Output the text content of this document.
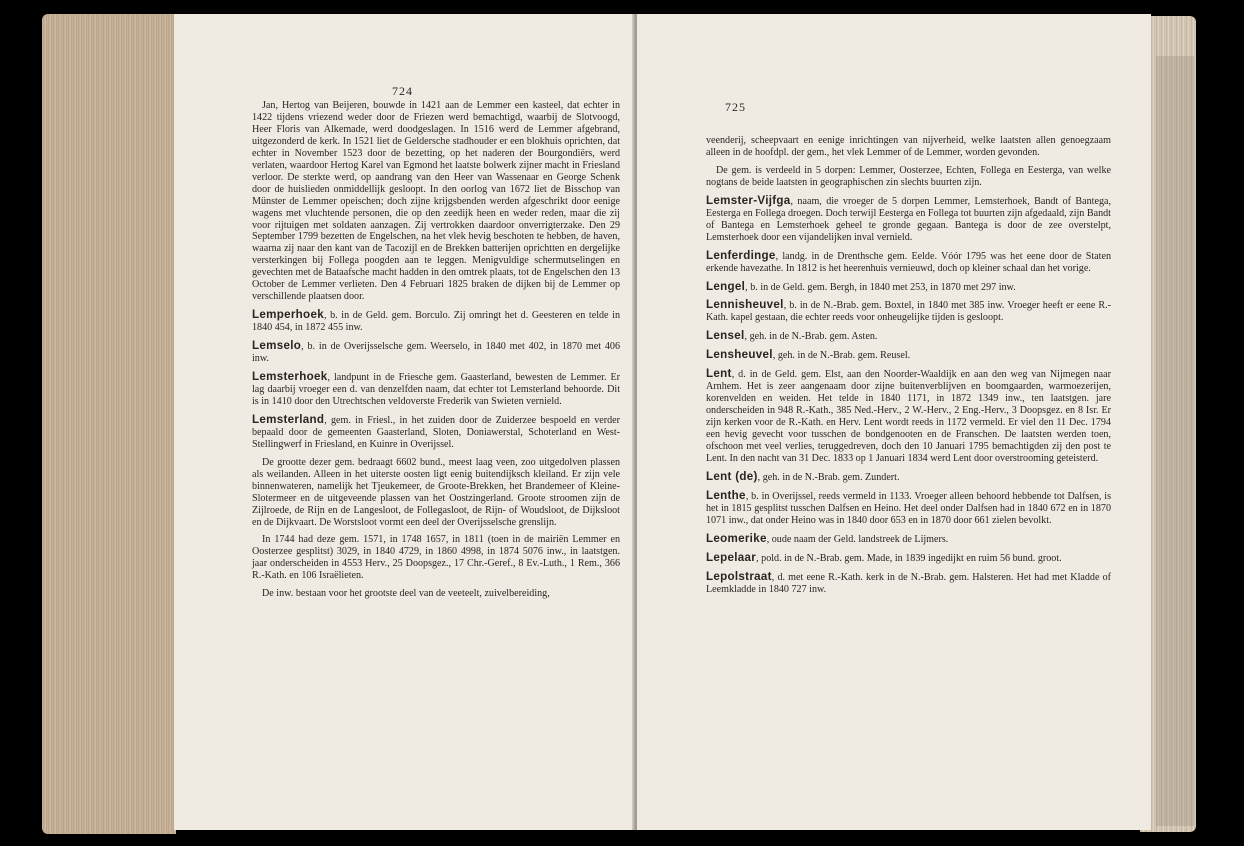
724

Jan, Hertog van Beijeren, bouwde in 1421 aan de Lemmer een kasteel, dat echter in 1422 tijdens vriezend weder door de Friezen werd bemachtigd, waarbij de Slotvoogd, Heer Floris van Alkemade, werd doodgeslagen. In 1516 werd de Lemmer afgebrand, uitgezonderd de kerk. In 1521 liet de Geldersche stadhouder er een blokhuis oprichten, dat echter in November 1523 door de bezetting, op het naderen der Bourgondiërs, werd verlaten, waardoor Hertog Karel van Egmond het laatste bolwerk zijner macht in Friesland verloor. De sterkte werd, op aandrang van den Heer van Wassenaar en George Schenk door de huislieden onmiddellijk gesloopt. In den oorlog van 1672 liet de Bisschop van Münster de Lemmer opeischen; doch zijne krijgsbenden werden afgeschrikt door eenige wagens met vluchtende personen, die op den zeedijk heen en weder reden, maar die zij voor rijtuigen met soldaten aanzagen. Zij vertrokken daardoor onverrigterzake. Den 29 September 1799 bezetten de Engelschen, na het vlek hevig beschoten te hebben, de haven, waarna zij naar den kant van de Tacozijl en de Brekken batterijen oprichtten en dergelijke versterkingen bij Follega poogden aan te leggen. Menigvuldige schermutselingen en gevechten met de Bataafsche macht hadden in den omtrek plaats, tot de Engelschen den 13 October de Lemmer verlieten. Den 4 Februari 1825 braken de dijken bij de Lemmer op verschillende plaatsen door.

Lemperhoek, b. in de Geld. gem. Borculo. Zij omringt het d. Geesteren en telde in 1840 454, in 1872 455 inw.

Lemselo, b. in de Overijsselsche gem. Weerselo, in 1840 met 402, in 1870 met 406 inw.

Lemsterhoek, landpunt in de Friesche gem. Gaasterland, bewesten de Lemmer. Er lag daarbij vroeger een d. van denzelfden naam, dat echter tot Lemsterland behoorde. Dit is in 1410 door den Utrechtschen veldoverste Frederik van Swieten vernield.

Lemsterland, gem. in Friesl., in het zuiden door de Zuiderzee bespoeld en verder bepaald door de gemeenten Gaasterland, Sloten, Doniawerstal, Schoterland en West-Stellingwerf in Friesland, en Kuinre in Overijssel.

De grootte dezer gem. bedraagt 6602 bund., meest laag veen, zoo uitgedolven plassen als weilanden. Alleen in het uiterste oosten ligt eenig buitendijksch kleiland. Er zijn vele binnenwateren, namelijk het Tjeukemeer, de Groote-Brekken, het Brandemeer of Kleine-Slotermeer en de uitgeveende plassen van het Oostzingerland. Groote stroomen zijn de Zijlroede, de Rijn en de Langesloot, de Follegasloot, de Rijn- of Woudsloot, de Dijksloot en de Dijkvaart. De Worstsloot vormt een deel der Overijsselsche grenslijn.

In 1744 had deze gem. 1571, in 1748 1657, in 1811 (toen in de mairiën Lemmer en Oosterzee gesplitst) 3029, in 1840 4729, in 1860 4998, in 1874 5076 inw., in laatstgen. jaar onderscheiden in 4553 Herv., 25 Doopsgez., 17 Chr.-Geref., 8 Ev.-Luth., 1 Rem., 366 R.-Kath. en 106 Israëlieten.

De inw. bestaan voor het grootste deel van de veeteelt, zuivelbereiding,

725

veenderij, scheepvaart en eenige inrichtingen van nijverheid, welke laatsten allen genoegzaam alleen in de hoofdpl. der gem., het vlek Lemmer of de Lemmer, worden gevonden.

De gem. is verdeeld in 5 dorpen: Lemmer, Oosterzee, Echten, Follega en Eesterga, van welke nogtans de beide laatsten in geographischen zin slechts buurten zijn.

Lemster-Vijfga, naam, die vroeger de 5 dorpen Lemmer, Lemsterhoek, Bandt of Bantega, Eesterga en Follega droegen. Doch terwijl Eesterga en Follega tot buurten zijn afgedaald, zijn Bandt of Bantega en Lemsterhoek geheel te gronde gegaan. Bantega is door de zee overstelpt, Lemsterhoek door een vijandelijken inval vernield.

Lenferdinge, landg. in de Drenthsche gem. Eelde. Vóór 1795 was het eene door de Staten erkende havezathe. In 1812 is het heerenhuis vernieuwd, doch op kleiner schaal dan het vorige.

Lengel, b. in de Geld. gem. Bergh, in 1840 met 253, in 1870 met 297 inw.

Lennisheuvel, b. in de N.-Brab. gem. Boxtel, in 1840 met 385 inw. Vroeger heeft er eene R.-Kath. kapel gestaan, die echter reeds voor onheugelijke tijden is gesloopt.

Lensel, geh. in de N.-Brab. gem. Asten.

Lensheuvel, geh. in de N.-Brab. gem. Reusel.

Lent, d. in de Geld. gem. Elst, aan den Noorder-Waaldijk en aan den weg van Nijmegen naar Arnhem. Het is zeer aangenaam door zijne buitenverblijven en boomgaarden, warmoezerijen, korenvelden en weiden. Het telde in 1840 1171, in 1872 1349 inw., ten laatstgen. jare onderscheiden in 948 R.-Kath., 385 Ned.-Herv., 2 W.-Herv., 2 Eng.-Herv., 3 Doopsgez. en 8 Isr. Er zijn kerken voor de R.-Kath. en Herv. Lent wordt reeds in 1172 vermeld. Er viel den 11 Dec. 1794 een hevig gevecht voor tusschen de bondgenooten en de Franschen. De laatsten werden toen, ofschoon met veel verlies, teruggedreven, doch den 10 Januari 1795 bemachtigden zij den post te Lent. In den nacht van 31 Dec. 1833 op 1 Januari 1834 werd Lent door overstrooming geteisterd.

Lent (de), geh. in de N.-Brab. gem. Zundert.

Lenthe, b. in Overijssel, reeds vermeld in 1133. Vroeger alleen behoord hebbende tot Dalfsen, is het in 1815 gesplitst tusschen Dalfsen en Heino. Het deel onder Dalfsen had in 1840 672 en in 1870 1071 inw., dat onder Heino was in 1840 door 653 en in 1870 door 661 zielen bevolkt.

Leomerike, oude naam der Geld. landstreek de Lijmers.

Lepelaar, pold. in de N.-Brab. gem. Made, in 1839 ingedijkt en ruim 56 bund. groot.

Lepolstraat, d. met eene R.-Kath. kerk in de N.-Brab. gem. Halsteren. Het had met Kladde of Leemkladde in 1840 727 inw.
